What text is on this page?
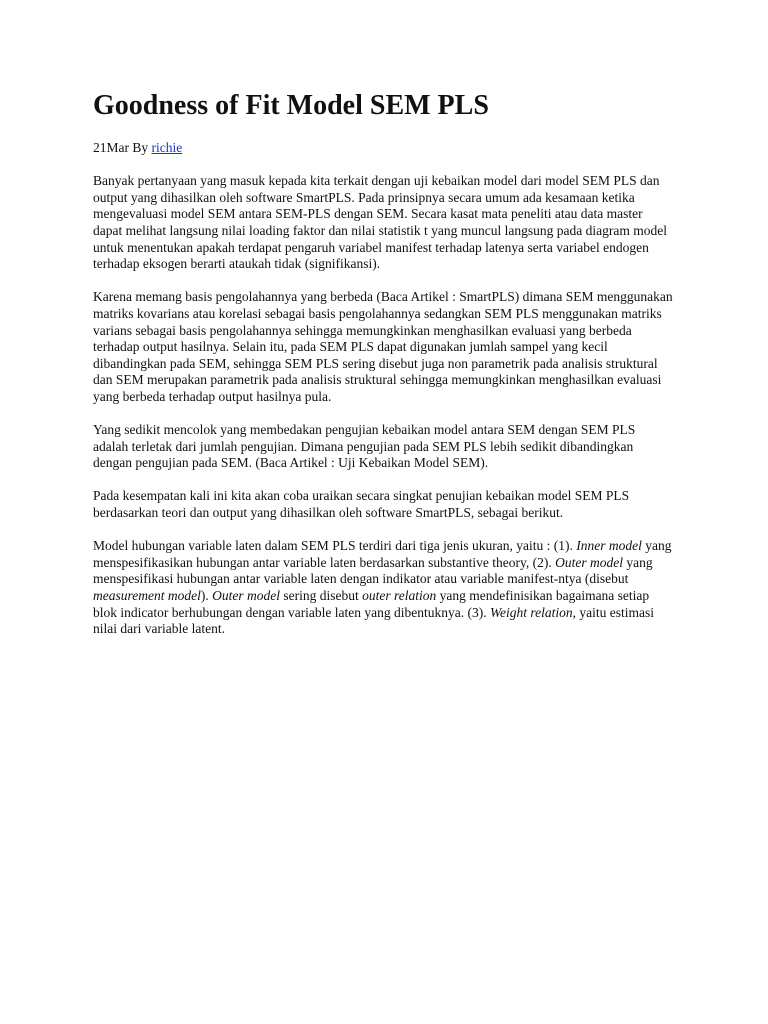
Goodness of Fit Model SEM PLS
21Mar By richie

Banyak pertanyaan yang masuk kepada kita terkait dengan uji kebaikan model dari model SEM PLS dan output yang dihasilkan oleh software SmartPLS. Pada prinsipnya secara umum ada kesamaan ketika mengevaluasi model SEM antara SEM-PLS dengan SEM. Secara kasat mata peneliti atau data master dapat melihat langsung nilai loading faktor dan nilai statistik t yang muncul langsung pada diagram model untuk menentukan apakah terdapat pengaruh variabel manifest terhadap latenya serta variabel endogen terhadap eksogen berarti ataukah tidak (signifikansi).

Karena memang basis pengolahannya yang berbeda (Baca Artikel : SmartPLS) dimana SEM menggunakan matriks kovarians atau korelasi sebagai basis pengolahannya sedangkan SEM PLS menggunakan matriks varians sebagai basis pengolahannya sehingga memungkinkan menghasilkan evaluasi yang berbeda terhadap output hasilnya. Selain itu, pada SEM PLS dapat digunakan jumlah sampel yang kecil dibandingkan pada SEM, sehingga SEM PLS sering disebut juga non parametrik pada analisis struktural dan SEM merupakan parametrik pada analisis struktural sehingga memungkinkan menghasilkan evaluasi yang berbeda terhadap output hasilnya pula.

Yang sedikit mencolok yang membedakan pengujian kebaikan model antara SEM dengan SEM PLS adalah terletak dari jumlah pengujian. Dimana pengujian pada SEM PLS lebih sedikit dibandingkan dengan pengujian pada SEM. (Baca Artikel : Uji Kebaikan Model SEM).

Pada kesempatan kali ini kita akan coba uraikan secara singkat penujian kebaikan model SEM PLS berdasarkan teori dan output yang dihasilkan oleh software SmartPLS, sebagai berikut.

Model hubungan variable laten dalam SEM PLS terdiri dari tiga jenis ukuran, yaitu : (1). Inner model yang menspesifikasikan hubungan antar variable laten berdasarkan substantive theory, (2). Outer model yang menspesifikasi hubungan antar variable laten dengan indikator atau variable manifest-ntya (disebut measurement model). Outer model sering disebut outer relation yang mendefinisikan bagaimana setiap blok indicator berhubungan dengan variable laten yang dibentuknya. (3). Weight relation, yaitu estimasi nilai dari variable latent.
